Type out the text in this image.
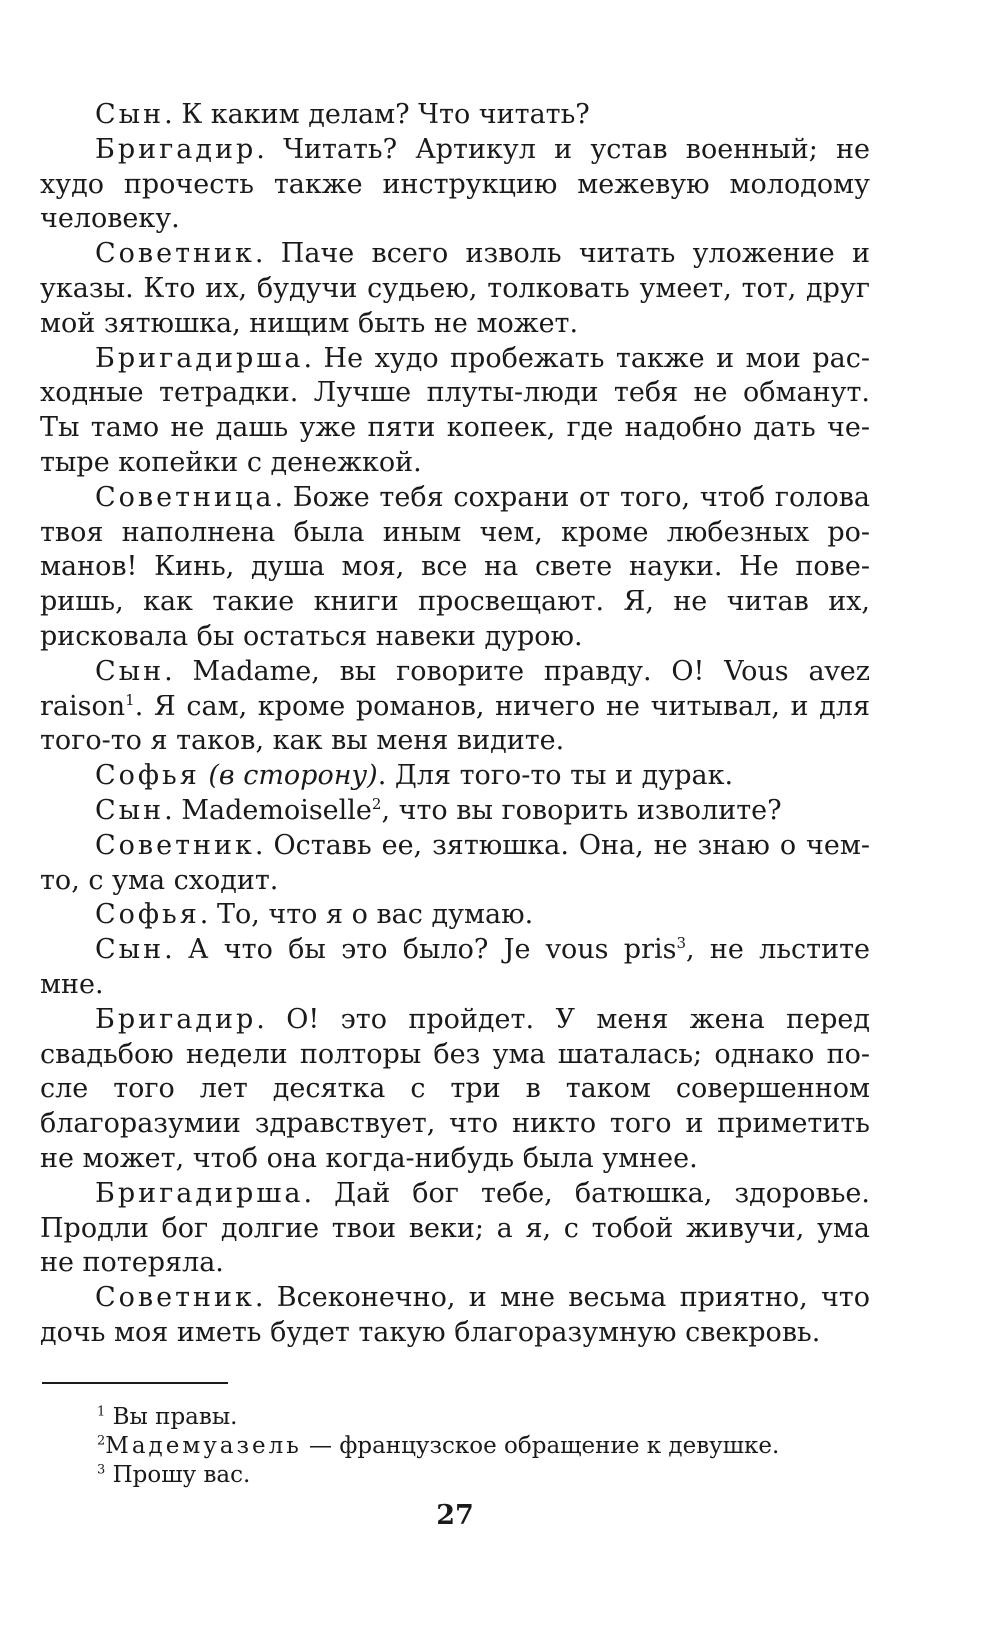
Сын. К каким делам? Что читать?

Бригадир. Читать? Артикул и устав военный; не худо прочесть также инструкцию межевую молодому человеку.

Советник. Паче всего изволь читать уложение и указы. Кто их, будучи судьею, толковать умеет, тот, друг мой зятюшка, нищим быть не может.

Бригадирша. Не худо пробежать также и мои расходные тетрадки. Лучше плуты-люди тебя не обманут. Ты тамо не дашь уже пяти копеек, где надобно дать четыре копейки с денежкой.

Советница. Боже тебя сохрани от того, чтоб голова твоя наполнена была иным чем, кроме любезных романов! Кинь, душа моя, все на свете науки. Не поверишь, как такие книги просвещают. Я, не читав их, рисковала бы остаться навеки дурою.

Сын. Madame, вы говорите правду. О! Vous avez raison$^1$. Я сам, кроме романов, ничего не читывал, и для того-то я таков, как вы меня видите.

Софья (в сторону). Для того-то ты и дурак.

Сын. Mademoiselle$^2$, что вы говорить изволите?

Советник. Оставь ее, зятюшка. Она, не знаю о чем-то, с ума сходит.

Софья. То, что я о вас думаю.

Сын. А что бы это было? Je vous pris$^3$, не льстите мне.

Бригадир. О! это пройдет. У меня жена перед свадьбою недели полторы без ума шаталась; однако после того лет десятка с три в таком совершенном благоразумии здравствует, что никто того и приметить не может, чтоб она когда-нибудь была умнее.

Бригадирша. Дай бог тебе, батюшка, здоровье. Продли бог долгие твои веки; а я, с тобой живучи, ума не потеряла.

Советник. Всеконечно, и мне весьма приятно, что дочь моя иметь будет такую благоразумную свекровь.

$^1$ Вы правы.

$^2$Мадемуазель — французское обращение к девушке.

$^3$ Прошу вас.

27
